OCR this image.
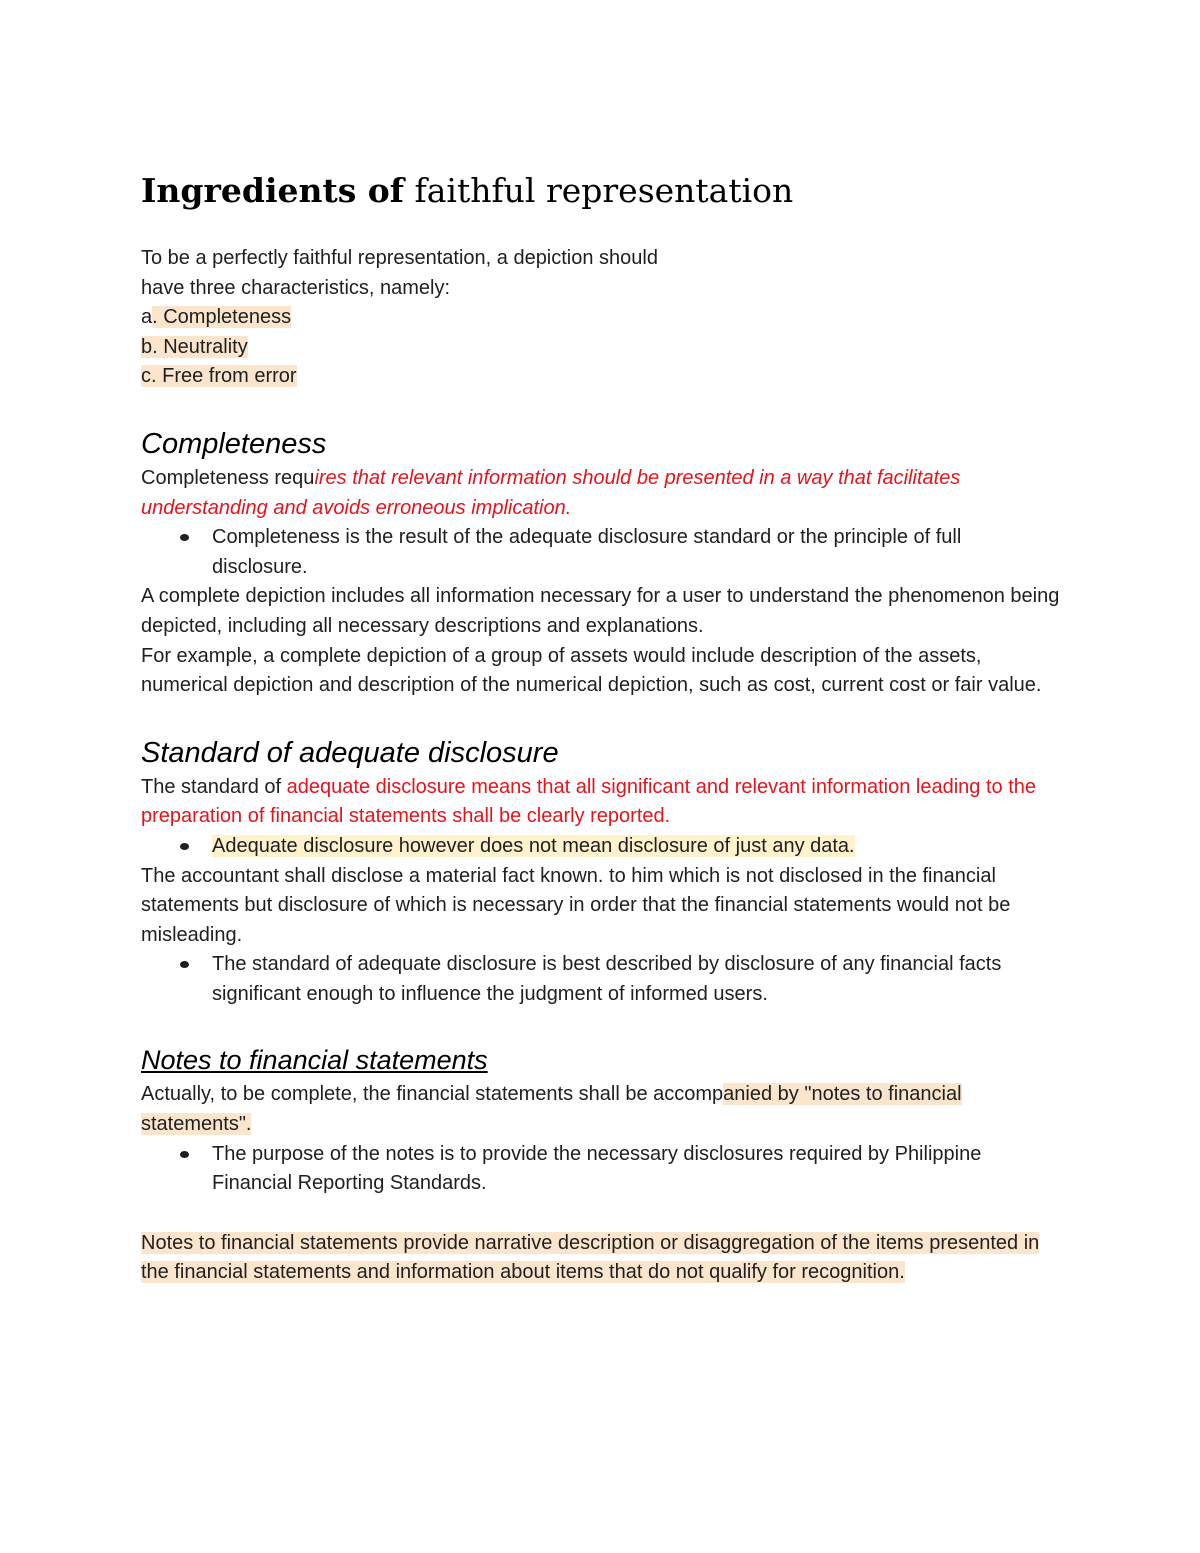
Ingredients of faithful representation
To be a perfectly faithful representation, a depiction should
have three characteristics, namely:
a. Completeness
b. Neutrality
c. Free from error
Completeness

Completeness requires that relevant information should be presented in a way that facilitates understanding and avoids erroneous implication.

Completeness is the result of the adequate disclosure standard or the principle of full disclosure.

A complete depiction includes all information necessary for a user to understand the phenomenon being depicted, including all necessary descriptions and explanations.

For example, a complete depiction of a group of assets would include description of the assets, numerical depiction and description of the numerical depiction, such as cost, current cost or fair value.

Standard of adequate disclosure

The standard of adequate disclosure means that all significant and relevant information leading to the preparation of financial statements shall be clearly reported.

Adequate disclosure however does not mean disclosure of just any data.

The accountant shall disclose a material fact known. to him which is not disclosed in the financial statements but disclosure of which is necessary in order that the financial statements would not be misleading.

The standard of adequate disclosure is best described by disclosure of any financial facts significant enough to influence the judgment of informed users.
Notes to financial statements

Actually, to be complete, the financial statements shall be accompanied by "notes to financial statements".

The purpose of the notes is to provide the necessary disclosures required by Philippine Financial Reporting Standards.

Notes to financial statements provide narrative description or disaggregation of the items presented in the financial statements and information about items that do not qualify for recognition.
